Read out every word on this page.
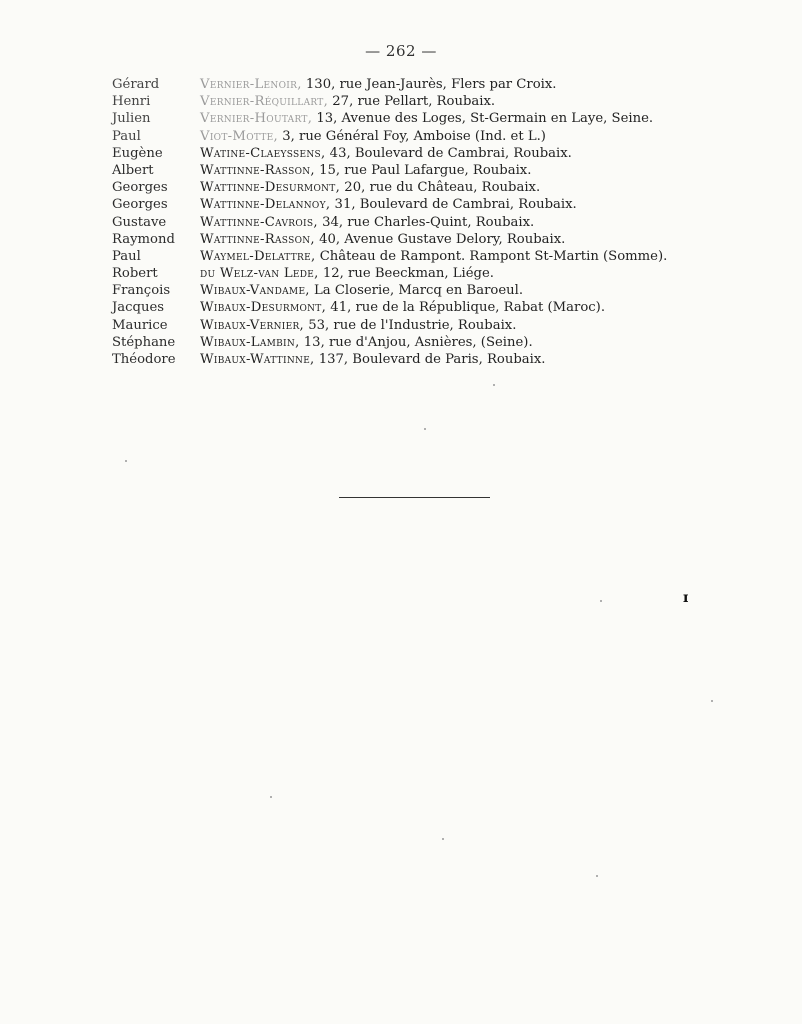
— 262 —
Gérard	Vernier-Lenoir, 130, rue Jean-Jaurès, Flers par Croix.
Henri	Vernier-Réquillart, 27, rue Pellart, Roubaix.
Julien	Vernier-Houtart, 13, Avenue des Loges, St-Germain en Laye, Seine.
Paul	Viot-Motte, 3, rue Général Foy, Amboise (Ind. et L.)
Eugène	Watine-Claeyssens, 43, Boulevard de Cambrai, Roubaix.
Albert	Wattinne-Rasson, 15, rue Paul Lafargue, Roubaix.
Georges	Wattinne-Desurmont, 20, rue du Château, Roubaix.
Georges	Wattinne-Delannoy, 31, Boulevard de Cambrai, Roubaix.
Gustave	Wattinne-Cavrois, 34, rue Charles-Quint, Roubaix.
Raymond	Wattinne-Rasson, 40, Avenue Gustave Delory, Roubaix.
Paul	Waymel-Delattre, Château de Rampont. Rampont St-Martin (Somme).
Robert	du Welz-van Lede, 12, rue Beeckman, Liége.
François	Wibaux-Vandame, La Closerie, Marcq en Baroeul.
Jacques	Wibaux-Desurmont, 41, rue de la République, Rabat (Maroc).
Maurice	Wibaux-Vernier, 53, rue de l'Industrie, Roubaix.
Stéphane	Wibaux-Lambin, 13, rue d'Anjou, Asnières, (Seine).
Théodore	Wibaux-Wattinne, 137, Boulevard de Paris, Roubaix.
ɪ
